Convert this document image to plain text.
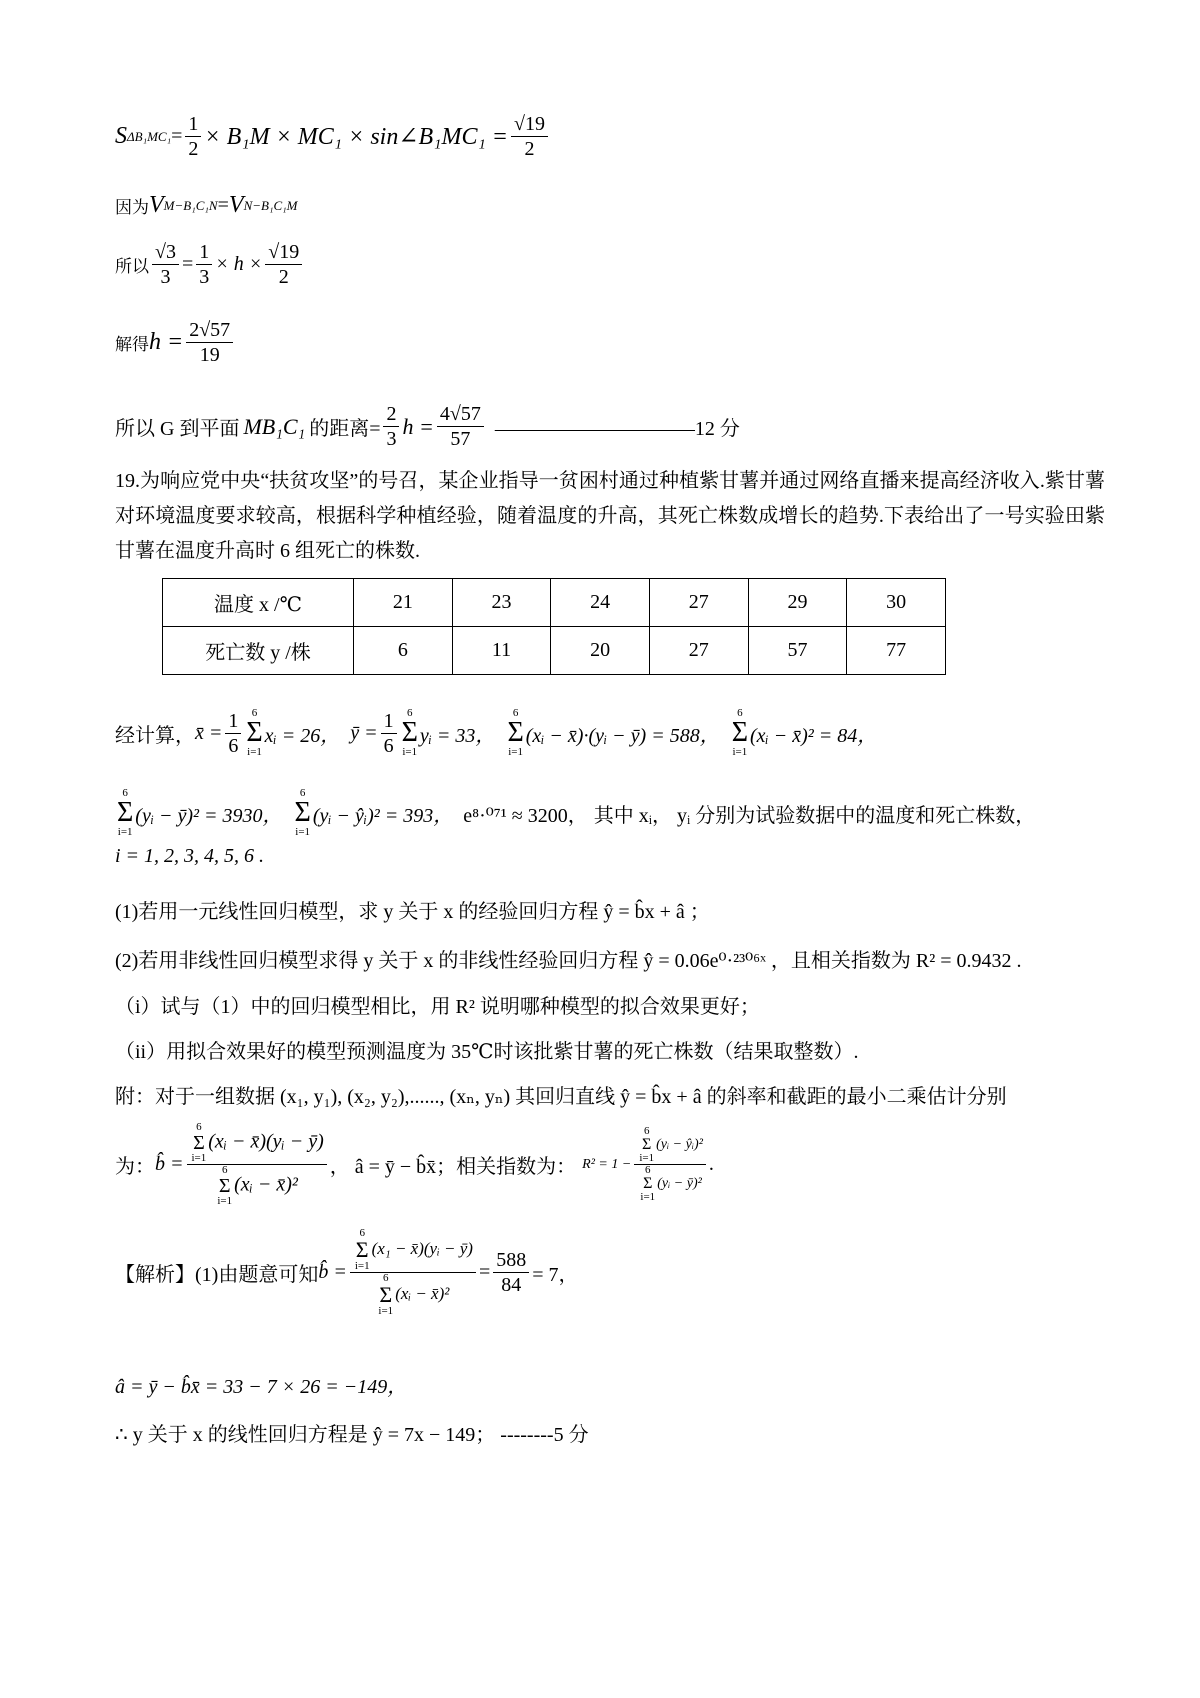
S $\Delta B_1MC_1 = \frac{1}{2} \times B_1M \times MC_1$ × sin∠B₁MC₁ = $\frac{√19}{2}$
因为 V M−B₁C₁N = V N−B₁C₁M
所以 $\frac{√3}{3} = \frac{1}{3} \times h \times \frac{√19}{2}$
解得 $h = \frac{2√57}{19}$
所以 G 到平面 MB₁C₁ 的距离= $\frac{2}{3}$ $h = \frac{4√57}{57}$ ——————————12 分

19.为响应党中央“扶贫攻坚”的号召，某企业指导一贫困村通过种植紫甘薯并通过网络直播来提高经济收入.紫甘薯对环境温度要求较高，根据科学种植经验，随着温度的升高，其死亡株数成增长的趋势.下表给出了一号实验田紫甘薯在温度升高时 6 组死亡的株数.

温度 x /℃	21	23	24	27	29	30
死亡数 y /株	6	11	20	27	57	77
经计算， x̄ = $\frac{1}{6} 6$
Σ
i=1
xᵢ = 26， ȳ = $\frac{1}{6} 6$
Σ
i=1
yᵢ = 33，
6
Σ
i=1
(xᵢ − x̄)·(yᵢ − ȳ) = 588，
6
Σ
i=1
(xᵢ − x̄)² = 84，
6
Σ
i=1
(yᵢ − ȳ)² = 3930，
6
Σ
i=1
(yᵢ − ŷᵢ)² = 393， e⁸·⁰⁷¹ ≈ 3200， 其中 xᵢ， yᵢ 分别为试验数据中的温度和死亡株数，
i = 1, 2, 3, 4, 5, 6 .
(1)若用一元线性回归模型，求 y 关于 x 的经验回归方程 ŷ = b̂x + â ；
(2)若用非线性回归模型求得 y 关于 x 的非线性经验回归方程 ŷ = 0.06e⁰·²³⁰⁶ˣ ，且相关指数为 R² = 0.9432 .
（i）试与（1）中的回归模型相比，用 R² 说明哪种模型的拟合效果更好；
（ii）用拟合效果好的模型预测温度为 35℃时该批紫甘薯的死亡株数（结果取整数）.
附：对于一组数据 (x₁, y₁), (x₂, y₂),......, (xₙ, yₙ) 其回归直线 ŷ = b̂x + â 的斜率和截距的最小二乘估计分别
为： b̂ = 6
Σ
i=1
(xᵢ − x̄)(yᵢ − ȳ)
6
Σ
i=1
(xᵢ − x̄)² ， â = ȳ − b̂x̄；相关指数为： R² = 1 − 6
Σ
i=1
(yᵢ − ŷᵢ)²
6
Σ
i=1
(yᵢ − ȳ)² .
【解析】(1)由题意可知 b̂ = 6
Σ
i=1
(x₁ − x̄)(yᵢ − ȳ)
6
Σ
i=1
(xᵢ − x̄)² = $\frac{588}{84} = 7$，
â = ȳ − b̂x̄ = 33 − 7 × 26 = −149，
∴ y 关于 x 的线性回归方程是 ŷ = 7x − 149； --------5 分
